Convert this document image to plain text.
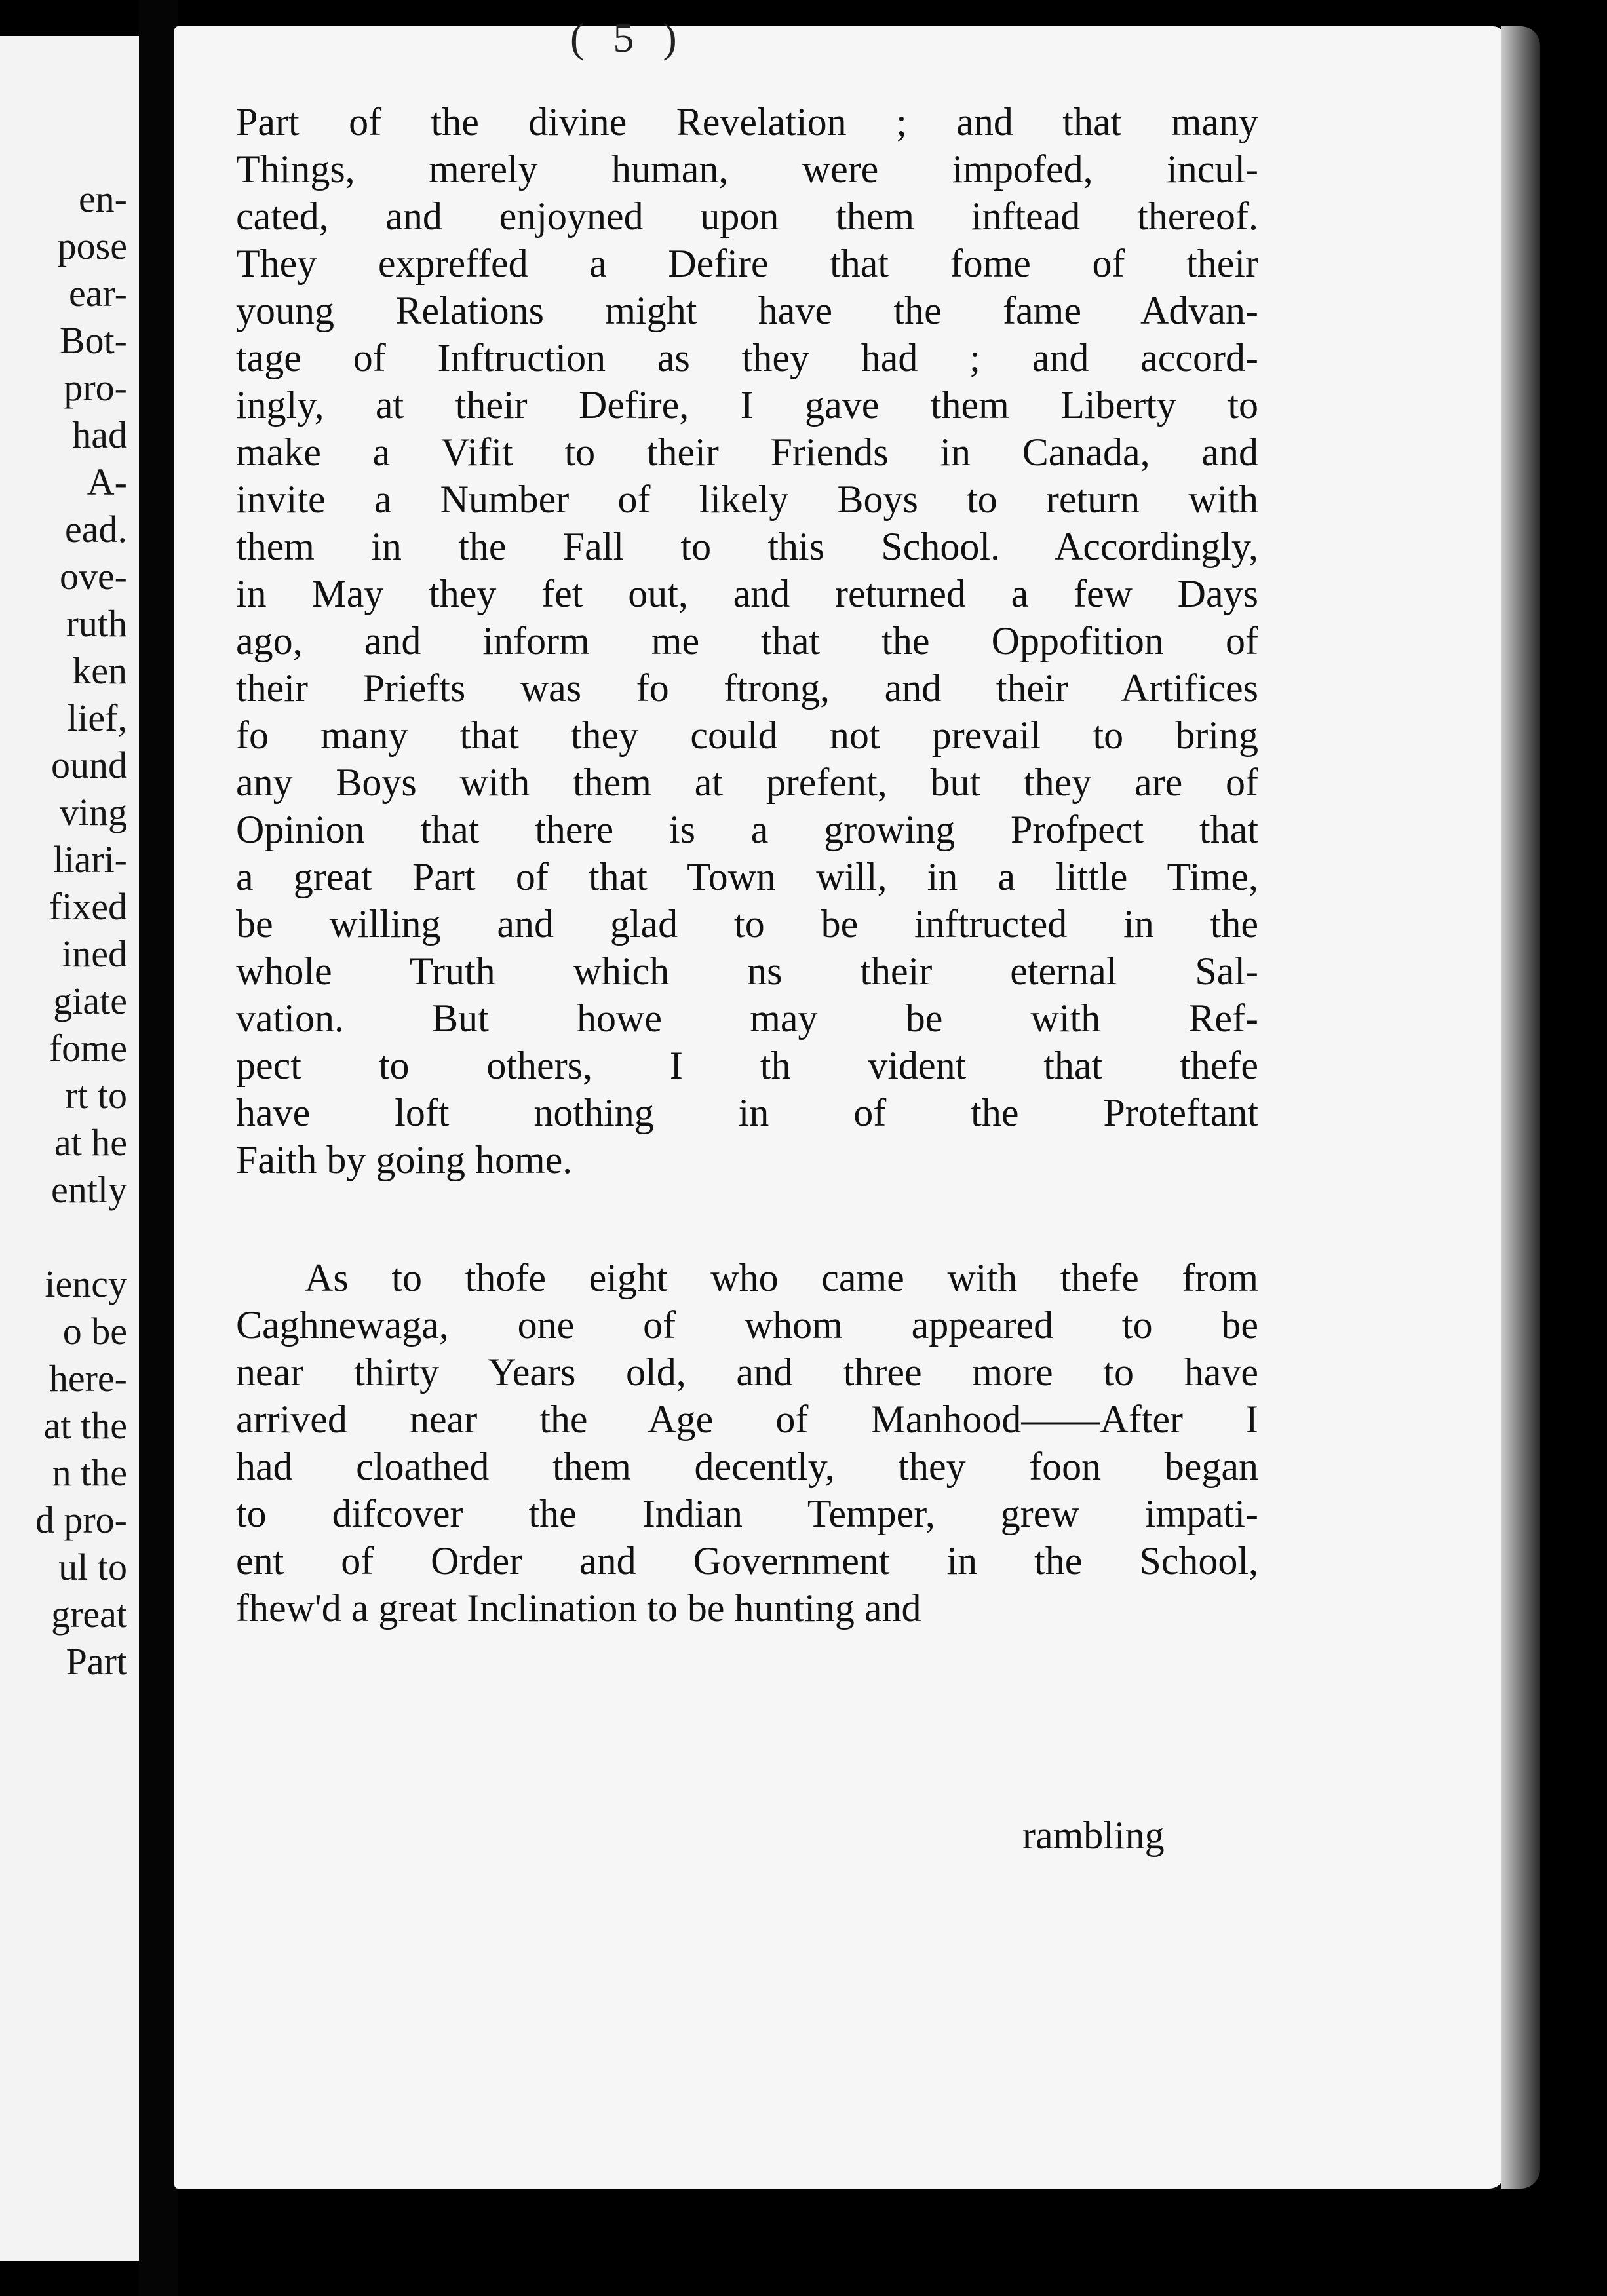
en-
pose
ear-
Bot-
pro-
had
A-
ead.
ove-
ruth
ken
lief,
ound
ving
liari-
fixed
ined
giate
fome
rt to
at he
ently
iency
o be
here-
at the
n the
d pro-
ul to
great
Part
( 5 )
Part of the divine Revelation ; and that many
Things, merely human, were impofed, incul-
cated, and enjoyned upon them inftead thereof.
They expreffed a Defire that fome of their
young Relations might have the fame Advan-
tage of Inftruction as they had ; and accord-
ingly, at their Defire, I gave them Liberty to
make a Vifit to their Friends in Canada, and
invite a Number of likely Boys to return with
them in the Fall to this School. Accordingly,
in May they fet out, and returned a few Days
ago, and inform me that the Oppofition of
their Priefts was fo ftrong, and their Artifices
fo many that they could not prevail to bring
any Boys with them at prefent, but they are of
Opinion that there is a growing Profpect that
a great Part of that Town will, in a little Time,
be willing and glad to be inftructed in the
whole Truth which ns their eternal Sal-
vation. But howe may be with Ref-
pect to others, I th vident that thefe
have loft nothing in of the Proteftant
Faith by going home.
As to thofe eight who came with thefe from
Caghnewaga, one of whom appeared to be
near thirty Years old, and three more to have
arrived near the Age of Manhood——After I
had cloathed them decently, they foon began
to difcover the Indian Temper, grew impati-
ent of Order and Government in the School,
fhew'd a great Inclination to be hunting and
rambling
